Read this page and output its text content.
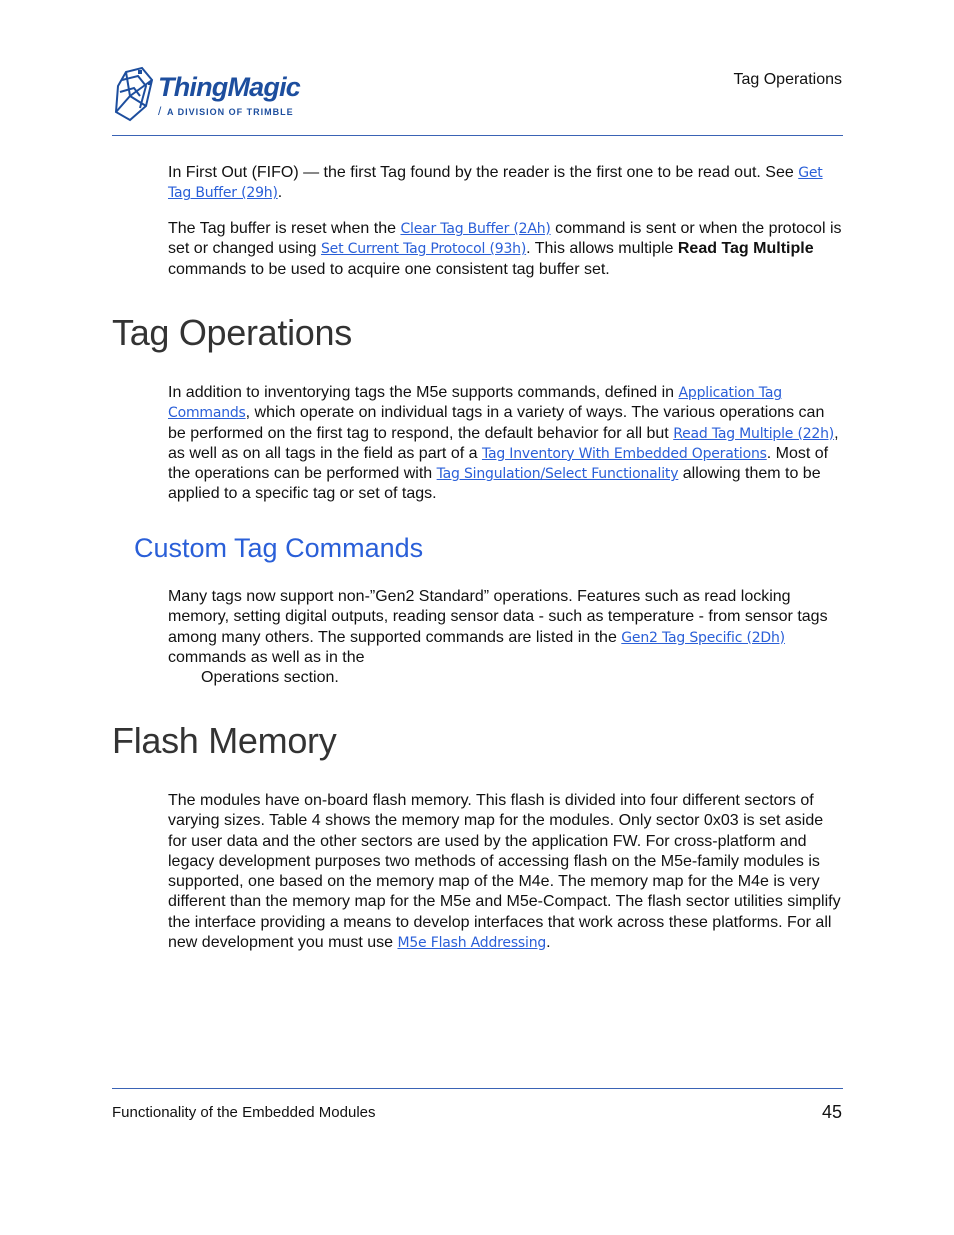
ThingMagic
/ A DIVISION OF TRIMBLE
Tag Operations

In First Out (FIFO) — the first Tag found by the reader is the first one to be read out. See Get Tag Buffer (29h).

The Tag buffer is reset when the Clear Tag Buffer (2Ah) command is sent or when the protocol is set or changed using Set Current Tag Protocol (93h). This allows multiple Read Tag Multiple commands to be used to acquire one consistent tag buffer set.

Tag Operations

In addition to inventorying tags the M5e supports commands, defined in Application Tag Commands, which operate on individual tags in a variety of ways. The various operations can be performed on the first tag to respond, the default behavior for all but Read Tag Multiple (22h), as well as on all tags in the field as part of a Tag Inventory With Embedded Operations. Most of the operations can be performed with Tag Singulation/Select Functionality allowing them to be applied to a specific tag or set of tags.

Custom Tag Commands

Many tags now support non-”Gen2 Standard” operations. Features such as read locking memory, setting digital outputs, reading sensor data - such as temperature - from sensor tags among many others. The supported commands are listed in the Gen2 Tag Specific (2Dh) commands as well as in the
Operations section.

Flash Memory

The modules have on-board flash memory. This flash is divided into four different sectors of varying sizes. Table 4 shows the memory map for the modules. Only sector 0x03 is set aside for user data and the other sectors are used by the application FW. For cross-platform and legacy development purposes two methods of accessing flash on the M5e-family modules is supported, one based on the memory map of the M4e. The memory map for the M4e is very different than the memory map for the M5e and M5e-Compact. The flash sector utilities simplify the interface providing a means to develop interfaces that work across these platforms. For all new development you must use M5e Flash Addressing.

Functionality of the Embedded Modules	45
